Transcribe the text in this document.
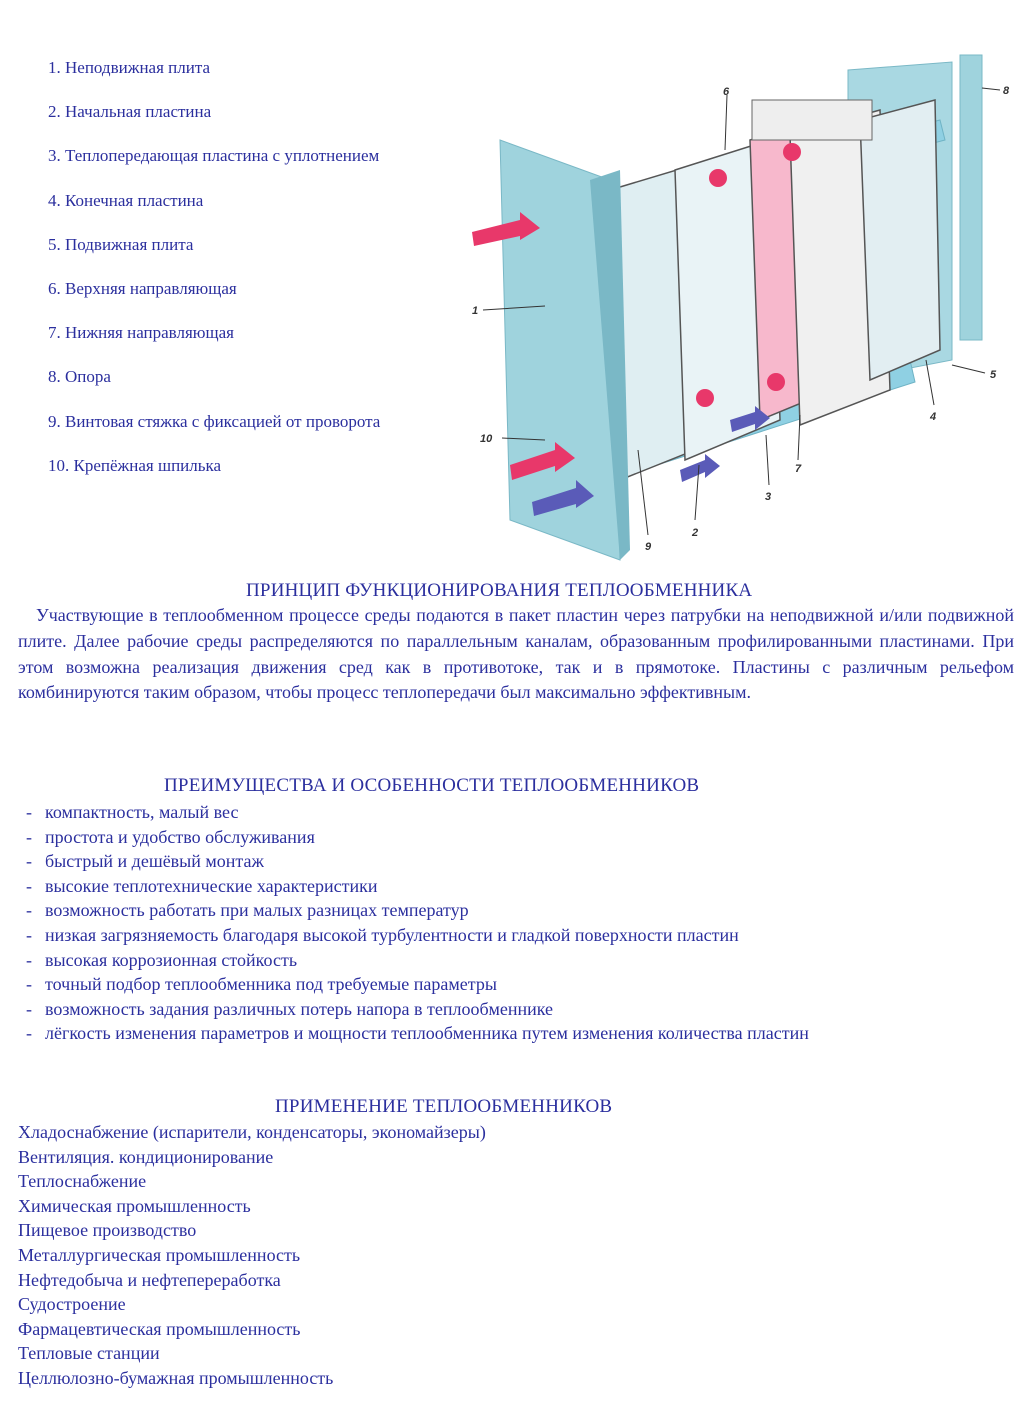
1. Неподвижная плита
2. Начальная пластина
3. Теплопередающая пластина с уплотнением
4. Конечная пластина
5. Подвижная плита
6. Верхняя направляющая
7. Нижняя направляющая
8. Опора
9. Винтовая стяжка с фиксацией от проворота
10. Крепёжная шпилька
1
2
3
4
5
6
7
8
9
10
ПРИНЦИП ФУНКЦИОНИРОВАНИЯ ТЕПЛООБМЕННИКА

Участвующие в теплообменном процессе среды подаются в пакет пластин через патрубки на неподвижной и/или подвижной плите. Далее рабочие среды распределяются по параллельным каналам, образованным профилированными пластинами. При этом возможна реализация движения сред как в противотоке, так и в прямотоке. Пластины с различным рельефом комбинируются таким образом, чтобы процесс теплопередачи был максимально эффективным.

ПРЕИМУЩЕСТВА И ОСОБЕННОСТИ ТЕПЛООБМЕННИКОВ
- компактность, малый вес
- простота и удобство обслуживания
- быстрый и дешёвый монтаж
- высокие теплотехнические характеристики
- возможность работать при малых разницах температур
- низкая загрязняемость благодаря высокой турбулентности и гладкой поверхности пластин
- высокая коррозионная стойкость
- точный подбор теплообменника под требуемые параметры
- возможность задания различных потерь напора в теплообменнике
- лёгкость изменения параметров и мощности теплообменника путем изменения количества пластин
ПРИМЕНЕНИЕ ТЕПЛООБМЕННИКОВ
Хладоснабжение (испарители, конденсаторы, экономайзеры)
Вентиляция. кондиционирование
Теплоснабжение
Химическая промышленность
Пищевое производство
Металлургическая промышленность
Нефтедобыча и нефтепереработка
Судостроение
Фармацевтическая промышленность
Тепловые станции
Целлюлозно-бумажная промышленность
